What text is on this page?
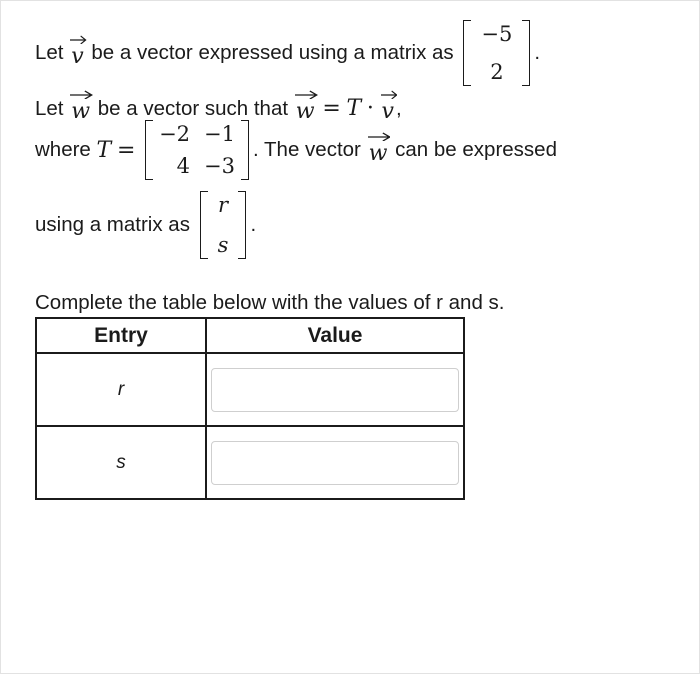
Let
v
be a vector expressed using a matrix as

−5
2
.
Let
w
be a vector such that
w
=
T
·
v ,
where
T
=

−2 −1
4 −3
. The vector
w
can be expressed
using a matrix as

r
s
.
Complete the table below with the values of r and s.
Entry	Value
r	

s	
